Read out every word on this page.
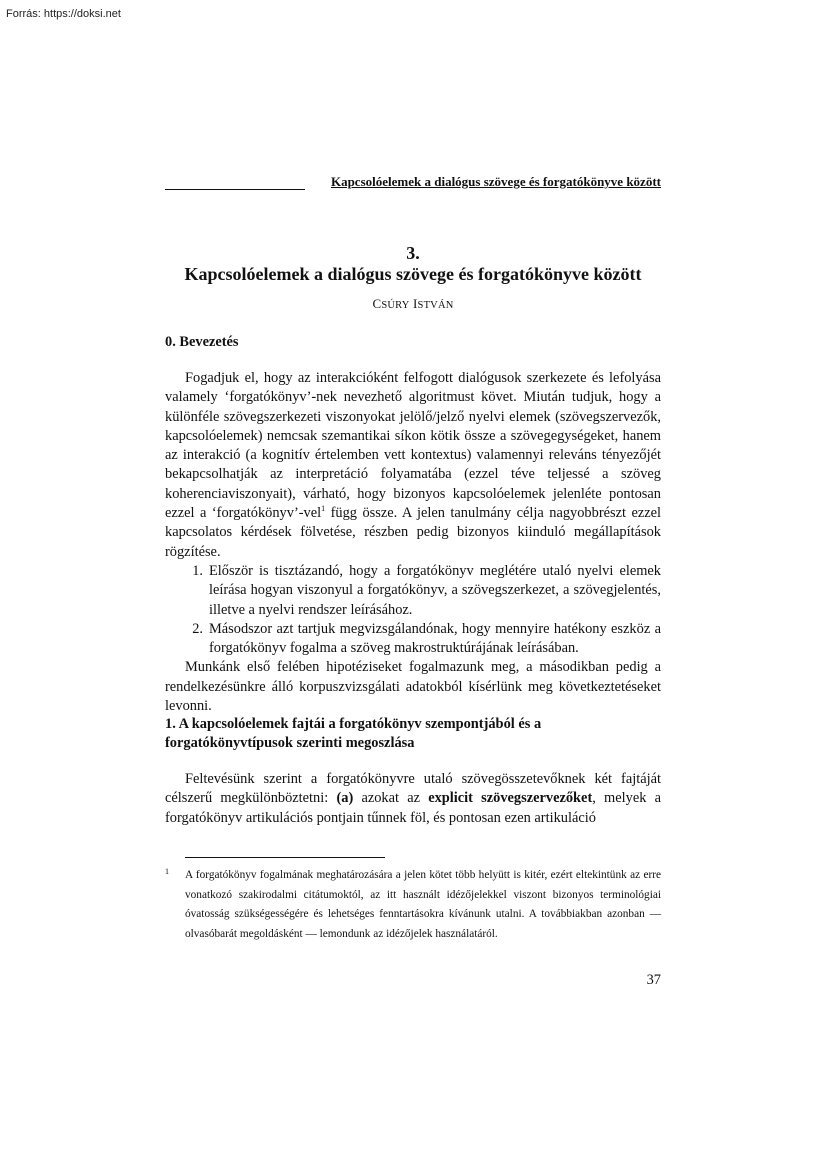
Forrás: https://doksi.net
Kapcsolóelemek a dialógus szövege és forgatókönyve között
3.
Kapcsolóelemek a dialógus szövege és forgatókönyve között
CSÚRY ISTVÁN
0. Bevezetés
Fogadjuk el, hogy az interakcióként felfogott dialógusok szerkezete és lefolyása valamely ‘forgatókönyv’-nek nevezhető algoritmust követ. Miután tudjuk, hogy a különféle szövegszerkezeti viszonyokat jelölő/jelző nyelvi elemek (szövegszervezők, kapcsolóelemek) nemcsak szemantikai síkon kötik össze a szövegegységeket, hanem az interakció (a kognitív értelemben vett kontextus) valamennyi releváns tényezőjét bekapcsolhatják az interpretáció folyamatába (ezzel téve teljessé a szöveg koherenciaviszonyait), várható, hogy bizonyos kapcsolóelemek jelenléte pontosan ezzel a ‘forgatókönyv’-vel$^1$ függ össze. A jelen tanulmány célja nagyobbrészt ezzel kapcsolatos kérdések fölvetése, részben pedig bizonyos kiinduló megállapítások rögzítése.
1. Először is tisztázandó, hogy a forgatókönyv meglétére utaló nyelvi elemek leírása hogyan viszonyul a forgatókönyv, a szövegszerkezet, a szövegjelentés, illetve a nyelvi rendszer leírásához.
2. Másodszor azt tartjuk megvizsgálandónak, hogy mennyire hatékony eszköz a forgatókönyv fogalma a szöveg makrostruktúrájának leírásában.
Munkánk első felében hipotéziseket fogalmazunk meg, a másodikban pedig a rendelkezésünkre álló korpuszvizsgálati adatokból kísérlünk meg következtetéseket levonni.
1. A kapcsolóelemek fajtái a forgatókönyv szempontjából és a forgatókönyvtípusok szerinti megoszlása
Feltevésünk szerint a forgatókönyvre utaló szövegösszetevőknek két fajtáját célszerű megkülönböztetni: (a) azokat az explicit szövegszervezőket, melyek a forgatókönyv artikulációs pontjain tűnnek föl, és pontosan ezen artikuláció
1	A forgatókönyv fogalmának meghatározására a jelen kötet több helyütt is kitér, ezért eltekintünk az erre vonatkozó szakirodalmi citátumoktól, az itt használt idézőjelekkel viszont bizonyos terminológiai óvatosság szükségességére és lehetséges fenntartásokra kívánunk utalni. A továbbiakban azonban — olvasóbarát megoldásként — lemondunk az idézőjelek használatáról.
37
